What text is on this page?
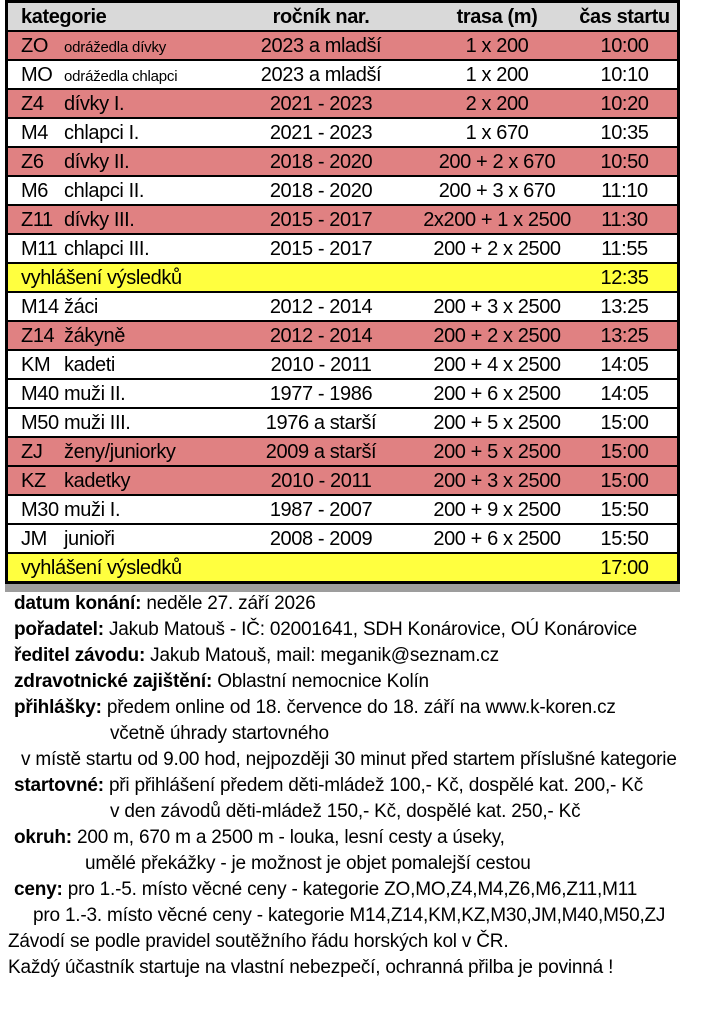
kategorie	ročník nar.	trasa (m)	čas startu
ZO	odrážedla dívky	2023 a mladší	1 x 200	10:00
MO odrážedla chlapci	2023 a mladší	1 x 200	10:10
Z4	dívky I.	2021 - 2023	2 x 200	10:20
M4 chlapci I.	2021 - 2023	1 x 670	10:35
Z6	dívky II.	2018 - 2020	200 + 2 x 670	10:50
M6 chlapci II.	2018 - 2020	200 + 3 x 670	11:10
Z11 dívky III.	2015 - 2017	2x200 + 1 x 2500	11:30
M11 chlapci III.	2015 - 2017	200 + 2 x 2500	11:55
vyhlášení výsledků	12:35
M14 žáci	2012 - 2014	200 + 3 x 2500	13:25
Z14 žákyně	2012 - 2014	200 + 2 x 2500	13:25
KM kadeti	2010 - 2011	200 + 4 x 2500	14:05
M40 muži II.	1977 - 1986	200 + 6 x 2500	14:05
M50 muži III.	1976 a starší	200 + 5 x 2500	15:00
ZJ	ženy/juniorky	2009 a starší	200 + 5 x 2500	15:00
KZ kadetky	2010 - 2011	200 + 3 x 2500	15:00
M30 muži I.	1987 - 2007	200 + 9 x 2500	15:50
JM junioři	2008 - 2009	200 + 6 x 2500	15:50
vyhlášení výsledků	17:00

datum konání: neděle 27. září 2026

pořadatel: Jakub Matouš - IČ: 02001641, SDH Konárovice, OÚ Konárovice

ředitel závodu: Jakub Matouš, mail: meganik@seznam.cz

zdravotnické zajištění: Oblastní nemocnice Kolín

přihlášky: předem online od 18. července do 18. září na www.k-koren.cz

včetně úhrady startovného

v místě startu od 9.00 hod, nejpozději 30 minut před startem příslušné kategorie

startovné: při přihlášení předem děti-mládež 100,- Kč, dospělé kat. 200,- Kč

v den závodů děti-mládež 150,- Kč, dospělé kat. 250,- Kč

okruh: 200 m, 670 m a 2500 m - louka, lesní cesty a úseky,

umělé překážky - je možnost je objet pomalejší cestou

ceny: pro 1.-5. místo věcné ceny - kategorie ZO,MO,Z4,M4,Z6,M6,Z11,M11

pro 1.-3. místo věcné ceny - kategorie M14,Z14,KM,KZ,M30,JM,M40,M50,ZJ

Závodí se podle pravidel soutěžního řádu horských kol v ČR.

Každý účastník startuje na vlastní nebezpečí, ochranná přilba je povinná !
